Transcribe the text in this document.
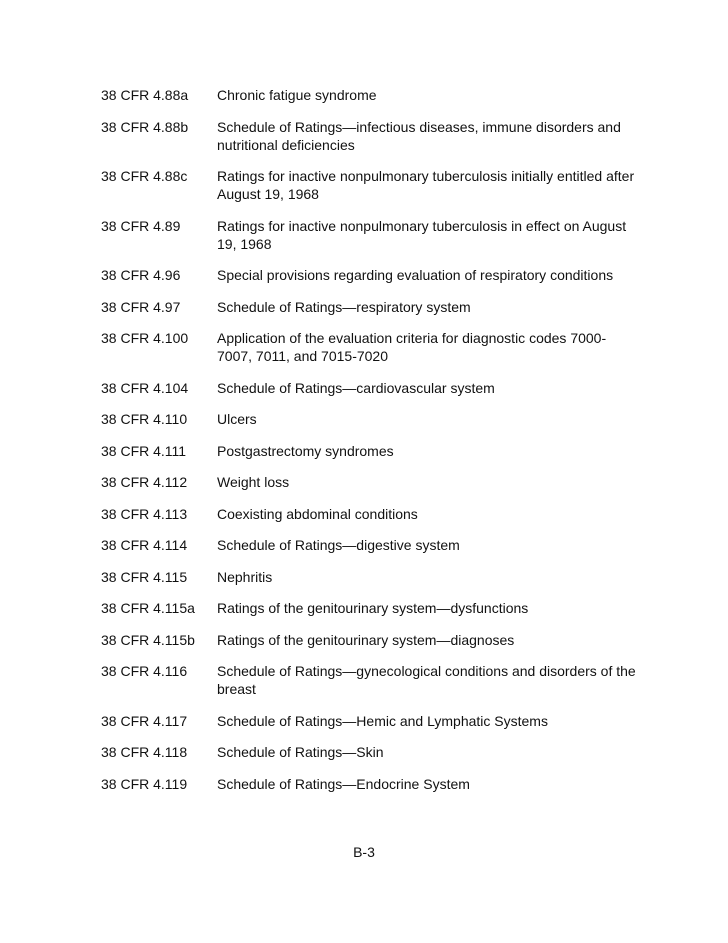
38 CFR 4.88a	Chronic fatigue syndrome
38 CFR 4.88b	Schedule of Ratings—infectious diseases, immune disorders and nutritional deficiencies
38 CFR 4.88c	Ratings for inactive nonpulmonary tuberculosis initially entitled after August 19, 1968
38 CFR 4.89	Ratings for inactive nonpulmonary tuberculosis in effect on August 19, 1968
38 CFR 4.96	Special provisions regarding evaluation of respiratory conditions
38 CFR 4.97	Schedule of Ratings—respiratory system
38 CFR 4.100	Application of the evaluation criteria for diagnostic codes 7000-7007, 7011, and 7015-7020
38 CFR 4.104	Schedule of Ratings—cardiovascular system
38 CFR 4.110	Ulcers
38 CFR 4.111	Postgastrectomy syndromes
38 CFR 4.112	Weight loss
38 CFR 4.113	Coexisting abdominal conditions
38 CFR 4.114	Schedule of Ratings—digestive system
38 CFR 4.115	Nephritis
38 CFR 4.115a	Ratings of the genitourinary system—dysfunctions
38 CFR 4.115b	Ratings of the genitourinary system—diagnoses
38 CFR 4.116	Schedule of Ratings—gynecological conditions and disorders of the breast
38 CFR 4.117	Schedule of Ratings—Hemic and Lymphatic Systems
38 CFR 4.118	Schedule of Ratings—Skin
38 CFR 4.119	Schedule of Ratings—Endocrine System
B-3
